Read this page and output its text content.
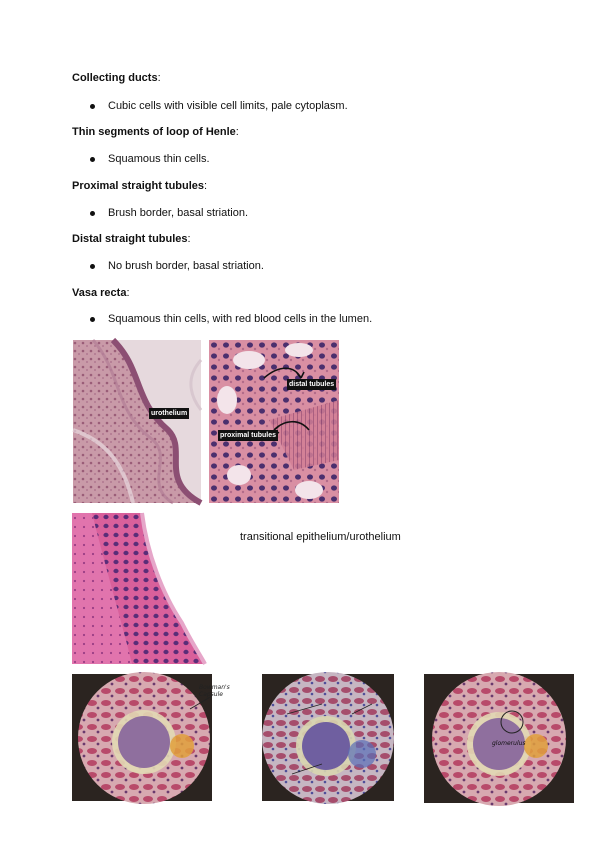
Collecting ducts:
Cubic cells with visible cell limits, pale cytoplasm.
Thin segments of loop of Henle:
Squamous thin cells.
Proximal straight tubules:
Brush border, basal striation.
Distal straight tubules:
No brush border, basal striation.
Vasa recta:
Squamous thin cells, with red blood cells in the lumen.
urothelium
distal tubules
proximal tubules
transitional epithelium/urothelium
Bowman's Capsule
glomerulus
